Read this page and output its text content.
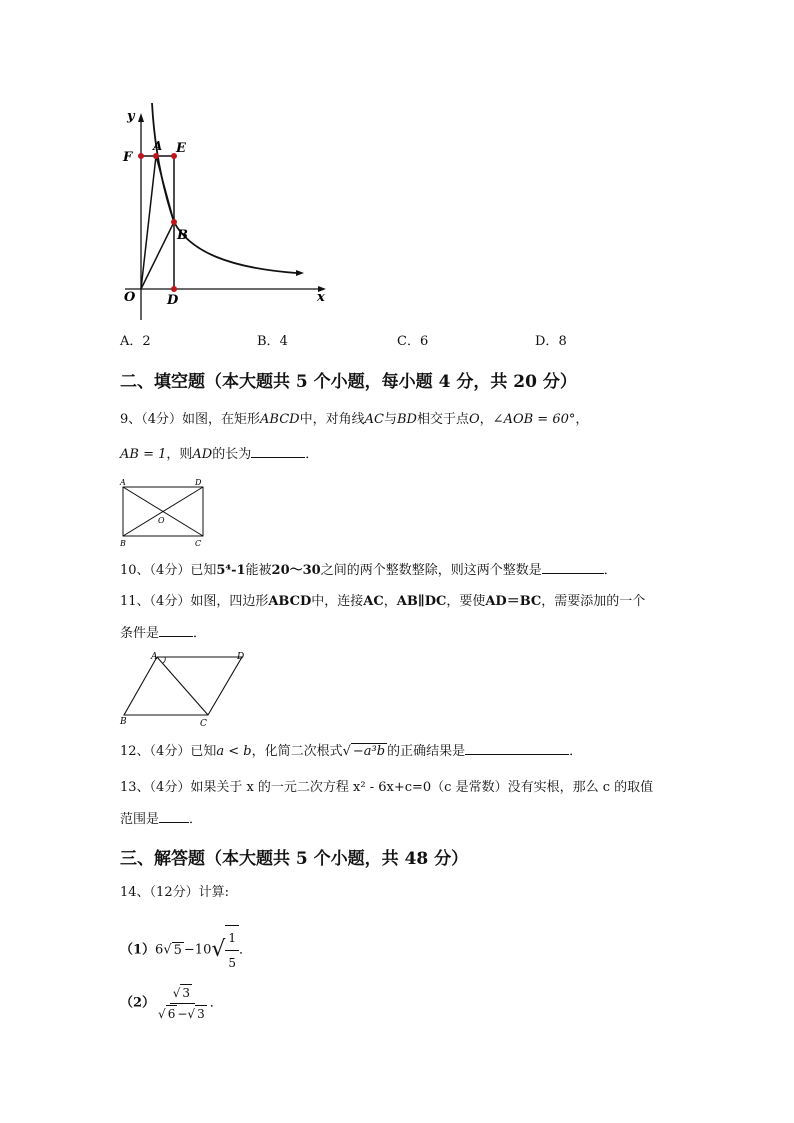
y
x
O
F
A E
B
D
A．2	B．4	C．6	D．8
二、填空题（本大题共 5 个小题，每小题 4 分，共 20 分）
9、（4分）如图，在矩形ABCD中，对角线AC与BD相交于点O，∠AOB = 60°，
AB = 1，则AD的长为	．
A	D
B	C
O
10、（4分）已知5⁴-1能被20～30之间的两个整数整除，则这两个整数是	．
11、（4分）如图，四边形ABCD中，连接AC，AB∥DC，要使AD＝BC，需要添加的一个
条件是	．
A	D
B	C
12、（4分）已知a < b，化简二次根式√ −a³b 的正确结果是	．
13、（4分）如果关于 x 的一元二次方程 x² - 6x+c=0（c 是常数）没有实根，那么 c 的取值
范围是 ．
三、解答题（本大题共 5 个小题，共 48 分）
14、（12分）计算:
（1）6√ $5 -10√ \frac{1}{5}$ ．
$(2) \frac{√ 3}{√ 6 -√ 3}$ ．
